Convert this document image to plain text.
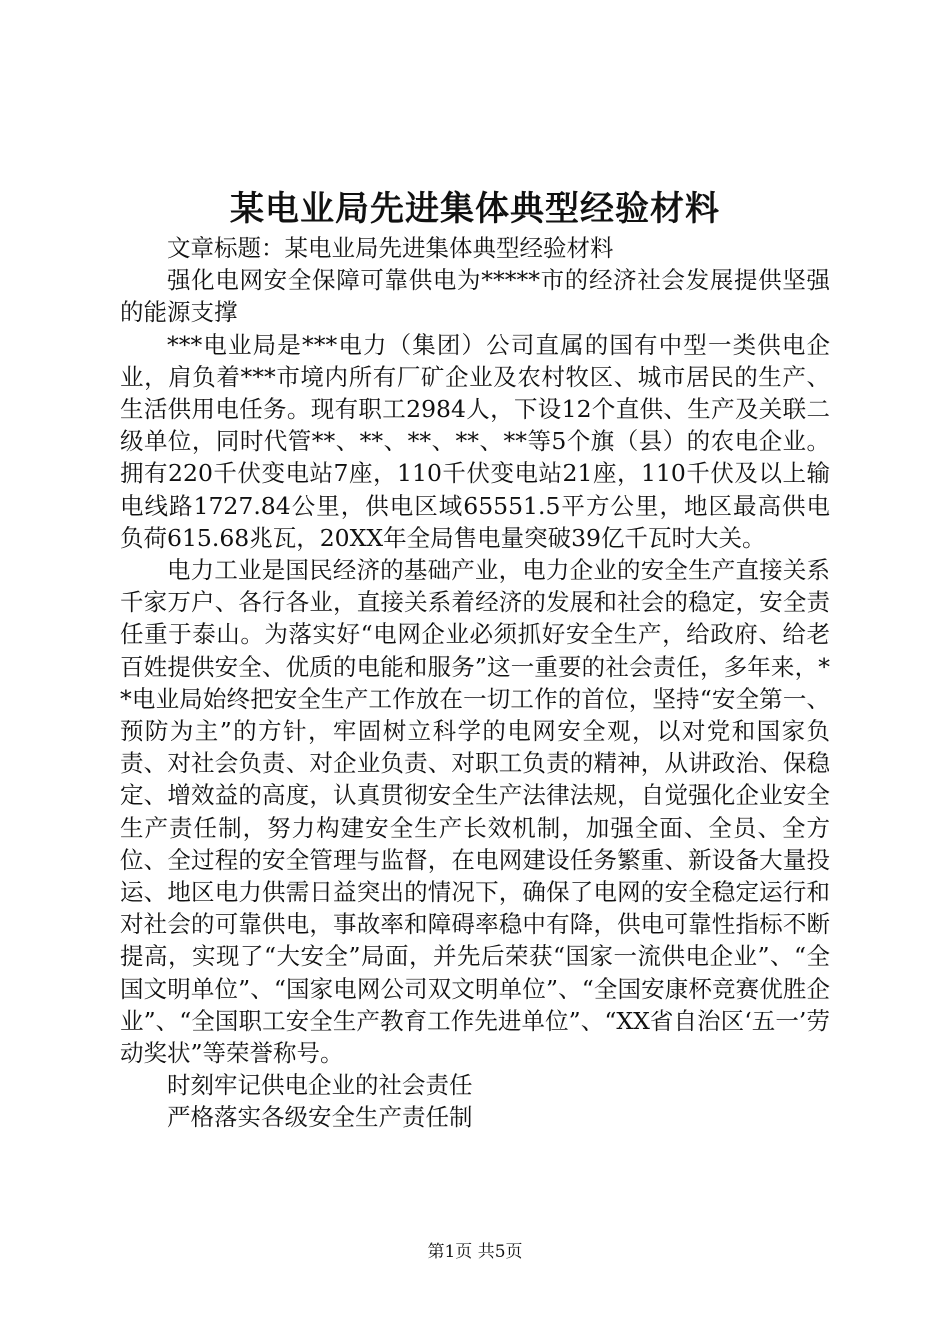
某电业局先进集体典型经验材料

文章标题：某电业局先进集体典型经验材料

强化电网安全保障可靠供电为*****市的经济社会发展提供坚强的能源支撑

***电业局是***电力（集团）公司直属的国有中型一类供电企业，肩负着***市境内所有厂矿企业及农村牧区、城市居民的生产、生活供用电任务。现有职工2984人，下设12个直供、生产及关联二级单位，同时代管**、**、**、**、**等5个旗（县）的农电企业。拥有220千伏变电站7座，110千伏变电站21座，110千伏及以上输电线路1727.84公里，供电区域65551.5平方公里，地区最高供电负荷615.68兆瓦，20XX年全局售电量突破39亿千瓦时大关。

电力工业是国民经济的基础产业，电力企业的安全生产直接关系千家万户、各行各业，直接关系着经济的发展和社会的稳定，安全责任重于泰山。为落实好“电网企业必须抓好安全生产，给政府、给老百姓提供安全、优质的电能和服务”这一重要的社会责任，多年来，**电业局始终把安全生产工作放在一切工作的首位，坚持“安全第一、预防为主”的方针，牢固树立科学的电网安全观，以对党和国家负责、对社会负责、对企业负责、对职工负责的精神，从讲政治、保稳定、增效益的高度，认真贯彻安全生产法律法规，自觉强化企业安全生产责任制，努力构建安全生产长效机制，加强全面、全员、全方位、全过程的安全管理与监督，在电网建设任务繁重、新设备大量投运、地区电力供需日益突出的情况下，确保了电网的安全稳定运行和对社会的可靠供电，事故率和障碍率稳中有降，供电可靠性指标不断提高，实现了“大安全”局面，并先后荣获“国家一流供电企业”、“全国文明单位”、“国家电网公司双文明单位”、“全国安康杯竞赛优胜企业”、“全国职工安全生产教育工作先进单位”、“XX省自治区‘五一’劳动奖状”等荣誉称号。

时刻牢记供电企业的社会责任

严格落实各级安全生产责任制

第1页 共5页
